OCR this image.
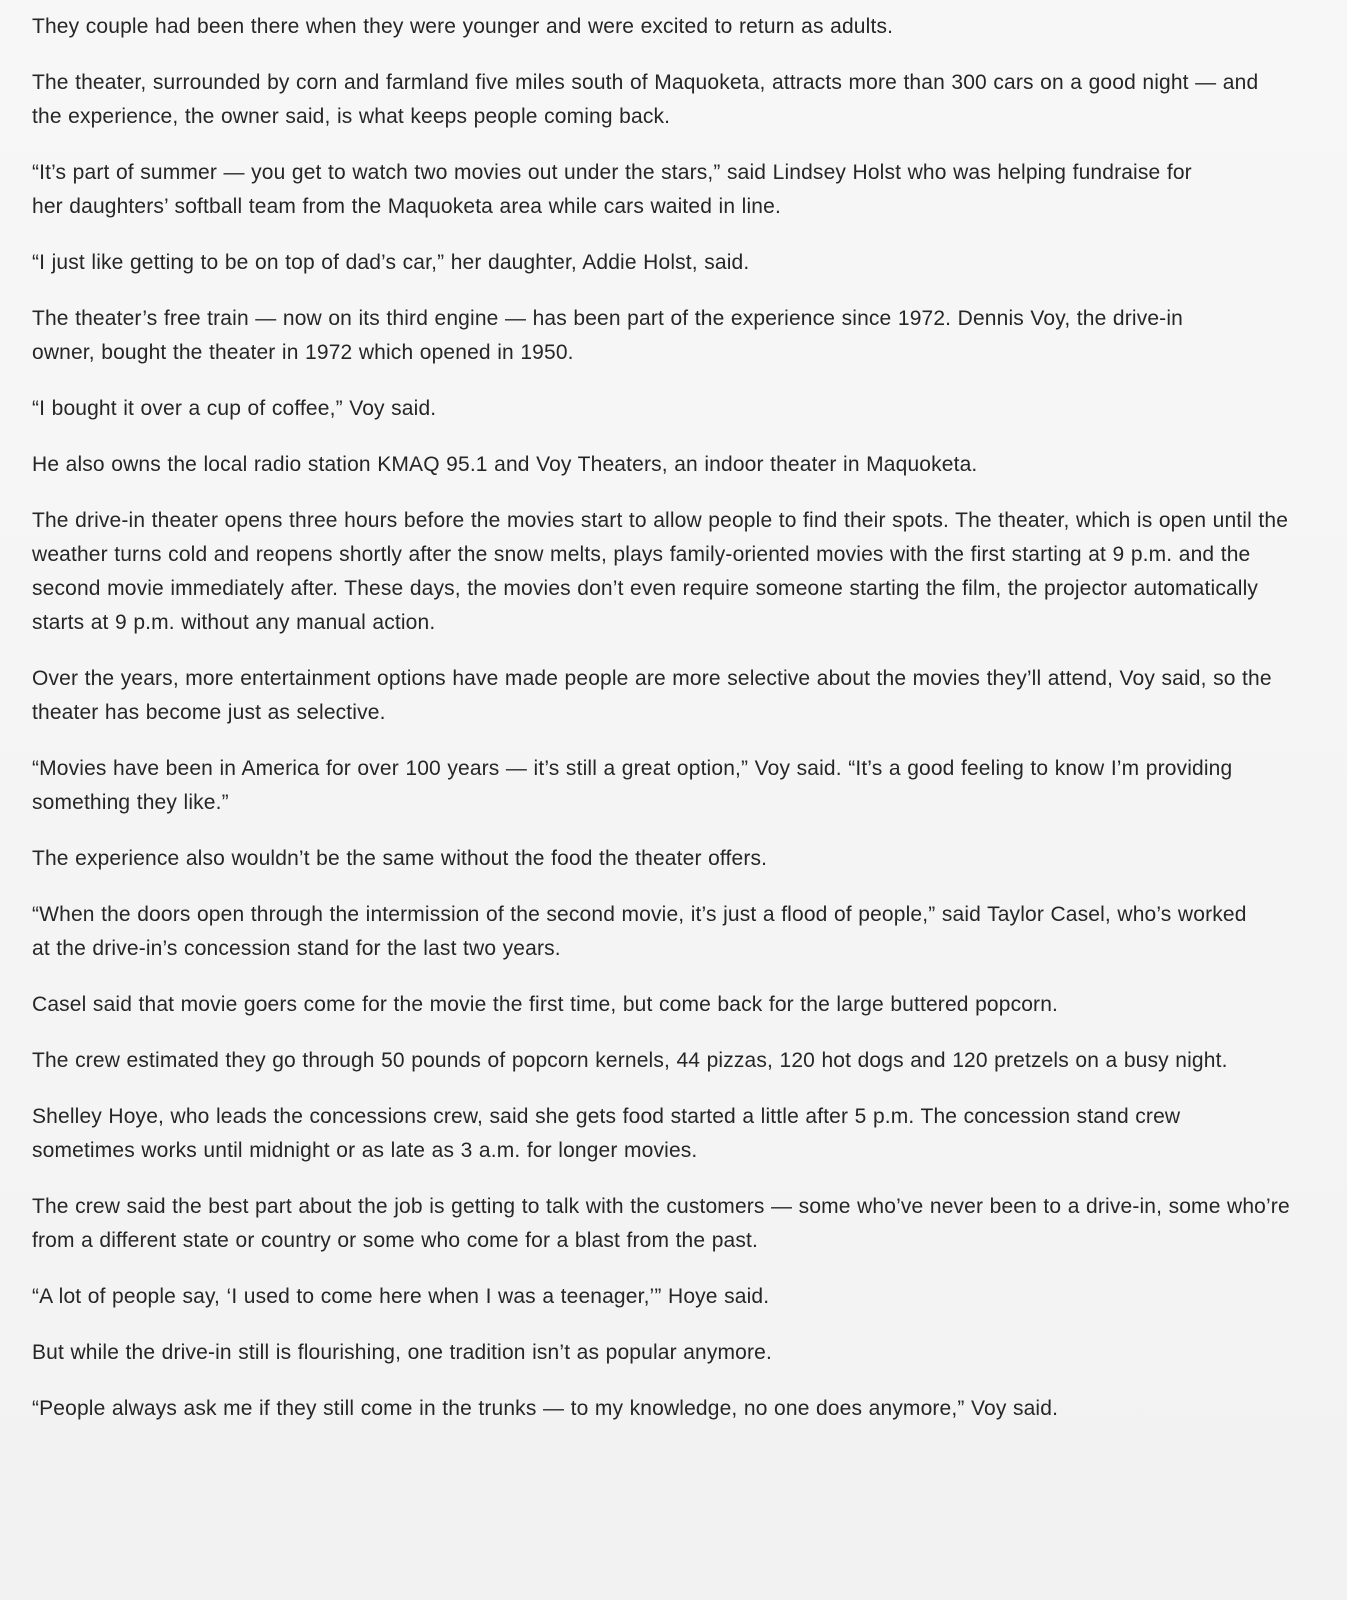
They couple had been there when they were younger and were excited to return as adults.

The theater, surrounded by corn and farmland five miles south of Maquoketa, attracts more than 300 cars on a good night — and the experience, the owner said, is what keeps people coming back.

“It’s part of summer — you get to watch two movies out under the stars,” said Lindsey Holst who was helping fundraise for her daughters’ softball team from the Maquoketa area while cars waited in line.

“I just like getting to be on top of dad’s car,” her daughter, Addie Holst, said.

The theater’s free train — now on its third engine — has been part of the experience since 1972. Dennis Voy, the drive-in owner, bought the theater in 1972 which opened in 1950.

“I bought it over a cup of coffee,” Voy said.

He also owns the local radio station KMAQ 95.1 and Voy Theaters, an indoor theater in Maquoketa.

The drive-in theater opens three hours before the movies start to allow people to find their spots. The theater, which is open until the weather turns cold and reopens shortly after the snow melts, plays family-oriented movies with the first starting at 9 p.m. and the second movie immediately after. These days, the movies don’t even require someone starting the film, the projector automatically starts at 9 p.m. without any manual action.

Over the years, more entertainment options have made people are more selective about the movies they’ll attend, Voy said, so the theater has become just as selective.

“Movies have been in America for over 100 years — it’s still a great option,” Voy said. “It’s a good feeling to know I’m providing something they like.”

The experience also wouldn’t be the same without the food the theater offers.

“When the doors open through the intermission of the second movie, it’s just a flood of people,” said Taylor Casel, who’s worked at the drive-in’s concession stand for the last two years.

Casel said that movie goers come for the movie the first time, but come back for the large buttered popcorn.

The crew estimated they go through 50 pounds of popcorn kernels, 44 pizzas, 120 hot dogs and 120 pretzels on a busy night.

Shelley Hoye, who leads the concessions crew, said she gets food started a little after 5 p.m. The concession stand crew sometimes works until midnight or as late as 3 a.m. for longer movies.

The crew said the best part about the job is getting to talk with the customers — some who’ve never been to a drive-in, some who’re from a different state or country or some who come for a blast from the past.

“A lot of people say, ‘I used to come here when I was a teenager,’” Hoye said.

But while the drive-in still is flourishing, one tradition isn’t as popular anymore.

“People always ask me if they still come in the trunks — to my knowledge, no one does anymore,” Voy said.
